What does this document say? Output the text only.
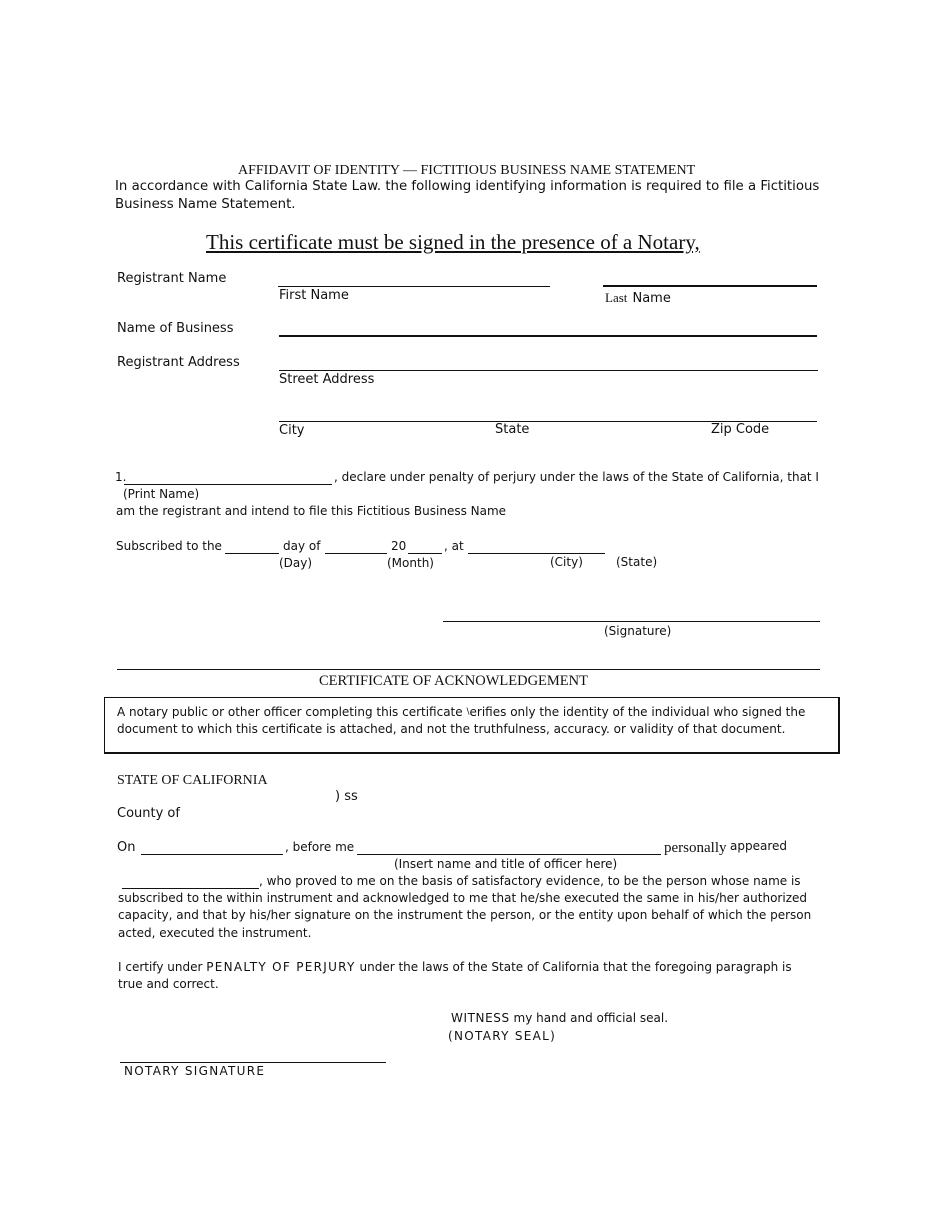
AFFIDAVIT OF IDENTITY — FICTITIOUS BUSINESS NAME STATEMENT
In accordance with California State Law. the following identifying information is required to file a Fictitious Business Name Statement.
This certificate must be signed in the presence of a Notary,
Registrant Name
First Name	Last Name
Name of Business
Registrant Address
Street Address
City	State	Zip Code
1.	, declare under penalty of perjury under the laws of the State of California, that I
(Print Name)
am the registrant and intend to file this Fictitious Business Name
Subscribed to the	day of	20	, at
(Day)	(Month)	(City)	(State)
(Signature)
CERTIFICATE OF ACKNOWLEDGEMENT
A notary public or other officer completing this certificate \erifies only the identity of the individual who signed the
document to which this certificate is attached, and not the truthfulness, accuracy. or validity of that document.
STATE OF CALIFORNIA
) ss
County of
On	, before me	personally appeared
(Insert name and title of officer here)
, who proved to me on the basis of satisfactory evidence, to be the person whose name is
subscribed to the within instrument and acknowledged to me that he/she executed the same in his/her authorized
capacity, and that by his/her signature on the instrument the person, or the entity upon behalf of which the person
acted, executed the instrument.
I certify under PENALTY OF PERJURY under the laws of the State of California that the foregoing paragraph is
true and correct.
WITNESS my hand and official seal.
(NOTARY SEAL)
NOTARY SIGNATURE
